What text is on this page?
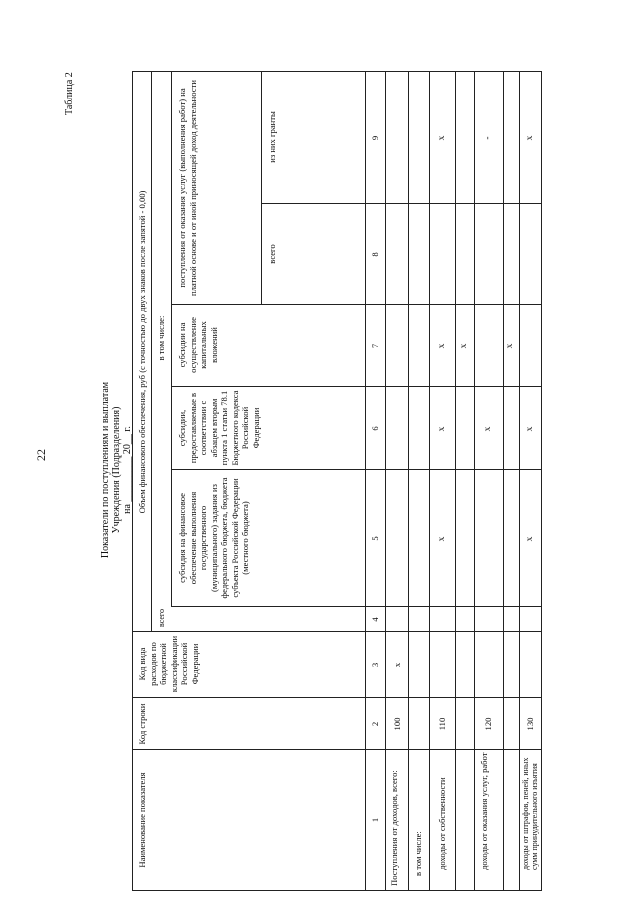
22
Таблица 2
Показатели по поступлениям и выплатам Учреждения (Подразделения) на _________ 20__ г.
Наименование показателя
Код строки
Код вида расходов по бюджетной классификации Российской Федерации
Объем финансового обеспечения, руб (с точностью до двух знаков после запятой - 0,00)
всего
в том числе:
субсидия на финансовое обеспечение выполнения государственного (муниципального) задания из федерального бюджета, бюджета субъекта Российской Федерации (местного бюджета)
субсидии, предоставляемые в соответствии с абзацем вторым пункта 1 статьи 78.1 Бюджетного кодекса Российской Федерации
субсидии на осуществление капитальных вложений
поступления от оказания услуг (выполнения работ) на платной основе и от иной приносящей доход деятельности	всего
из них гранты
1
2
3
4
5
6
7
8
9
Поступления от доходов, всего:
100
х
в том числе: доходы от собственности
110
доходы от оказания услуг, работ
120
доходы от штрафов, пеней, иных сумм принудительного изъятия
130
х
х
х
х
х
х
-
х
х
х
х
